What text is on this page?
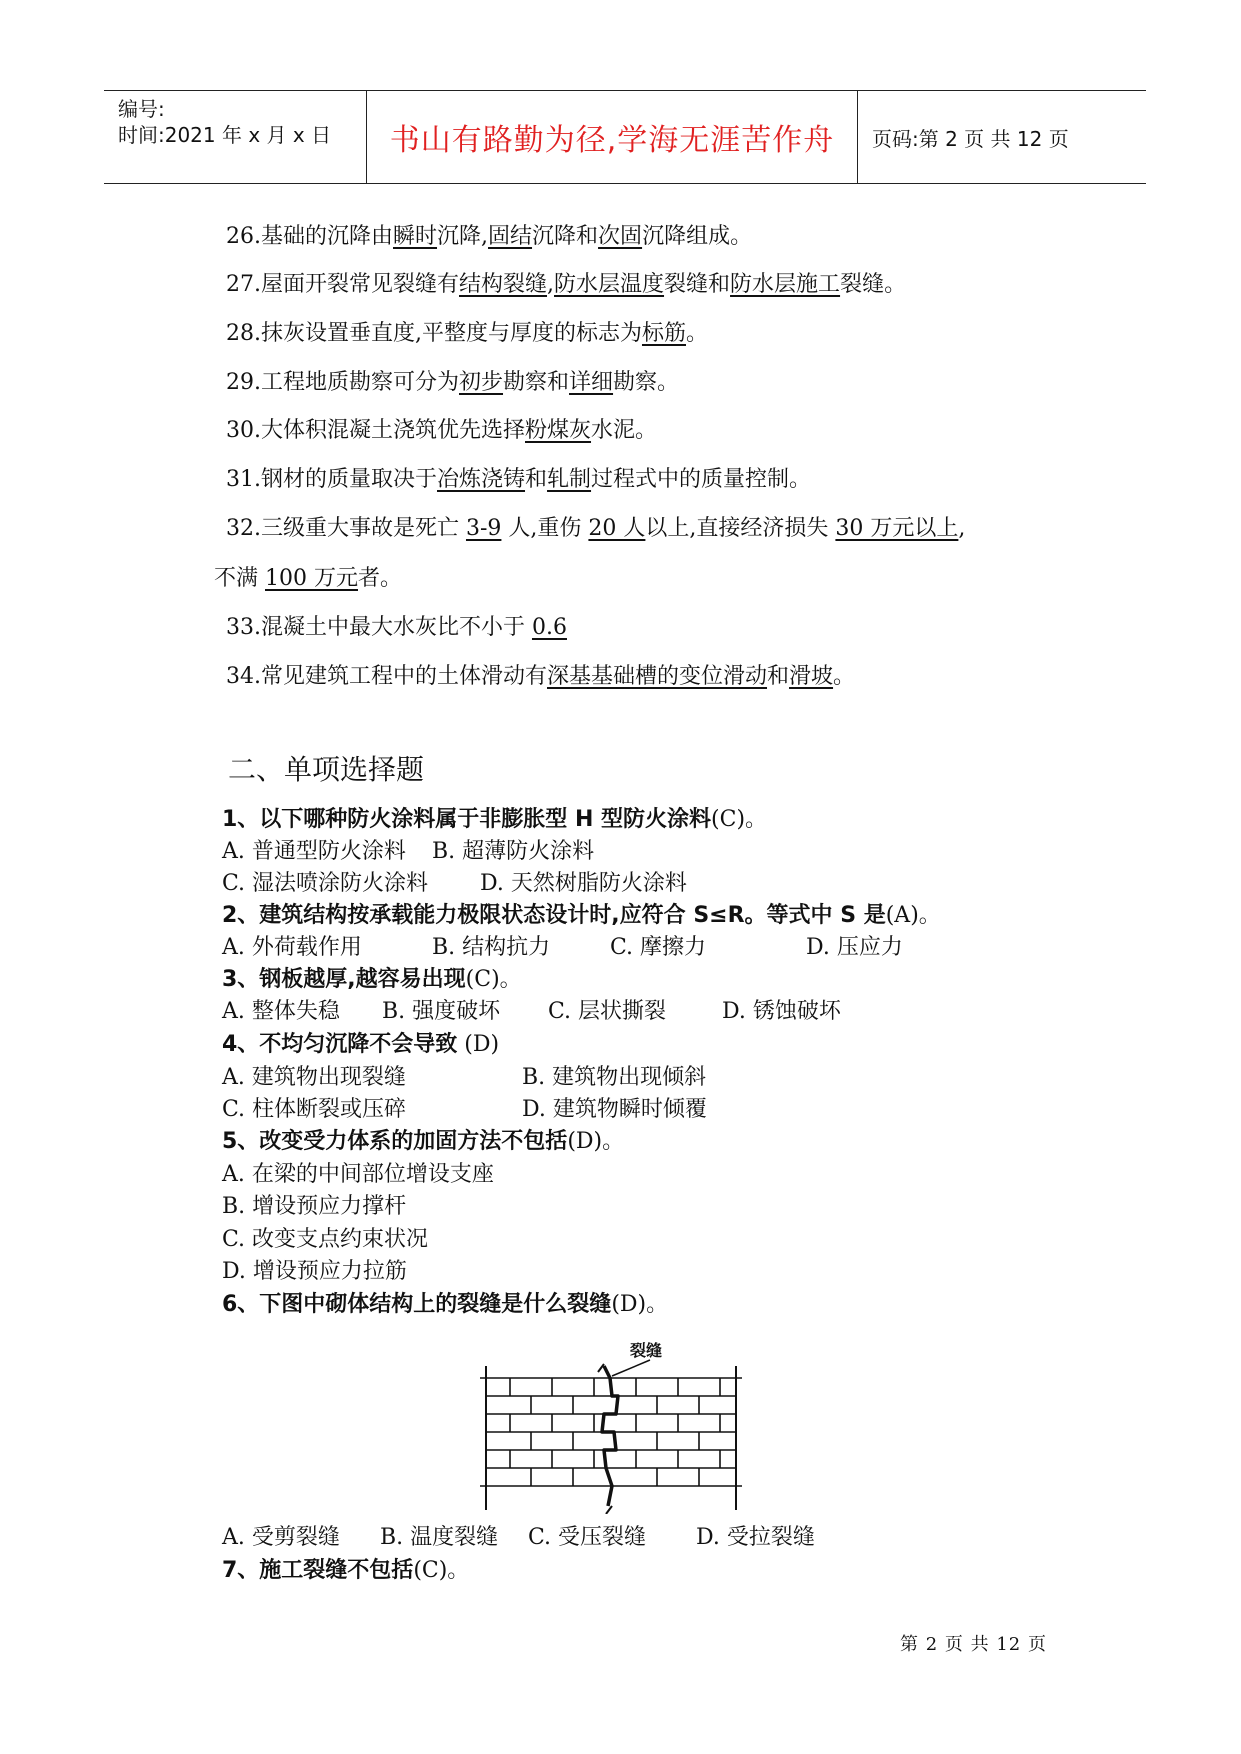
编号:
时间:2021 年 x 月 x 日 书山有路勤为径,学海无涯苦作舟 页码:第 2 页 共 12 页
26.基础的沉降由瞬时沉降,固结沉降和次固沉降组成。
27.屋面开裂常见裂缝有结构裂缝,防水层温度裂缝和防水层施工裂缝。
28.抹灰设置垂直度,平整度与厚度的标志为标筋。
29.工程地质勘察可分为初步勘察和详细勘察。
30.大体积混凝土浇筑优先选择粉煤灰水泥。
31.钢材的质量取决于冶炼浇铸和轧制过程式中的质量控制。
32.三级重大事故是死亡 3-9 人,重伤 20 人以上,直接经济损失 30 万元以上,
不满 100 万元者。
33.混凝土中最大水灰比不小于 0.6
34.常见建筑工程中的土体滑动有深基基础槽的变位滑动和滑坡。
二、单项选择题
1、以下哪种防火涂料属于非膨胀型 H 型防火涂料(C)。
A. 普通型防火涂料 B. 超薄防火涂料
C. 湿法喷涂防火涂料 D. 天然树脂防火涂料
2、建筑结构按承载能力极限状态设计时,应符合 S≤R。等式中 S 是(A)。
A. 外荷载作用	B. 结构抗力	C. 摩擦力	D. 压应力
3、钢板越厚,越容易出现(C)。
A. 整体失稳 B. 强度破坏 C. 层状撕裂	D. 锈蚀破坏
4、不均匀沉降不会导致 (D)
A. 建筑物出现裂缝	B. 建筑物出现倾斜
C. 柱体断裂或压碎	D. 建筑物瞬时倾覆
5、改变受力体系的加固方法不包括(D)。
A. 在梁的中间部位增设支座
B. 增设预应力撑杆
C. 改变支点约束状况
D. 增设预应力拉筋
6、下图中砌体结构上的裂缝是什么裂缝(D)。
裂缝
A. 受剪裂缝 B. 温度裂缝 C. 受压裂缝 D. 受拉裂缝
7、施工裂缝不包括(C)。
第 2 页 共 12 页
